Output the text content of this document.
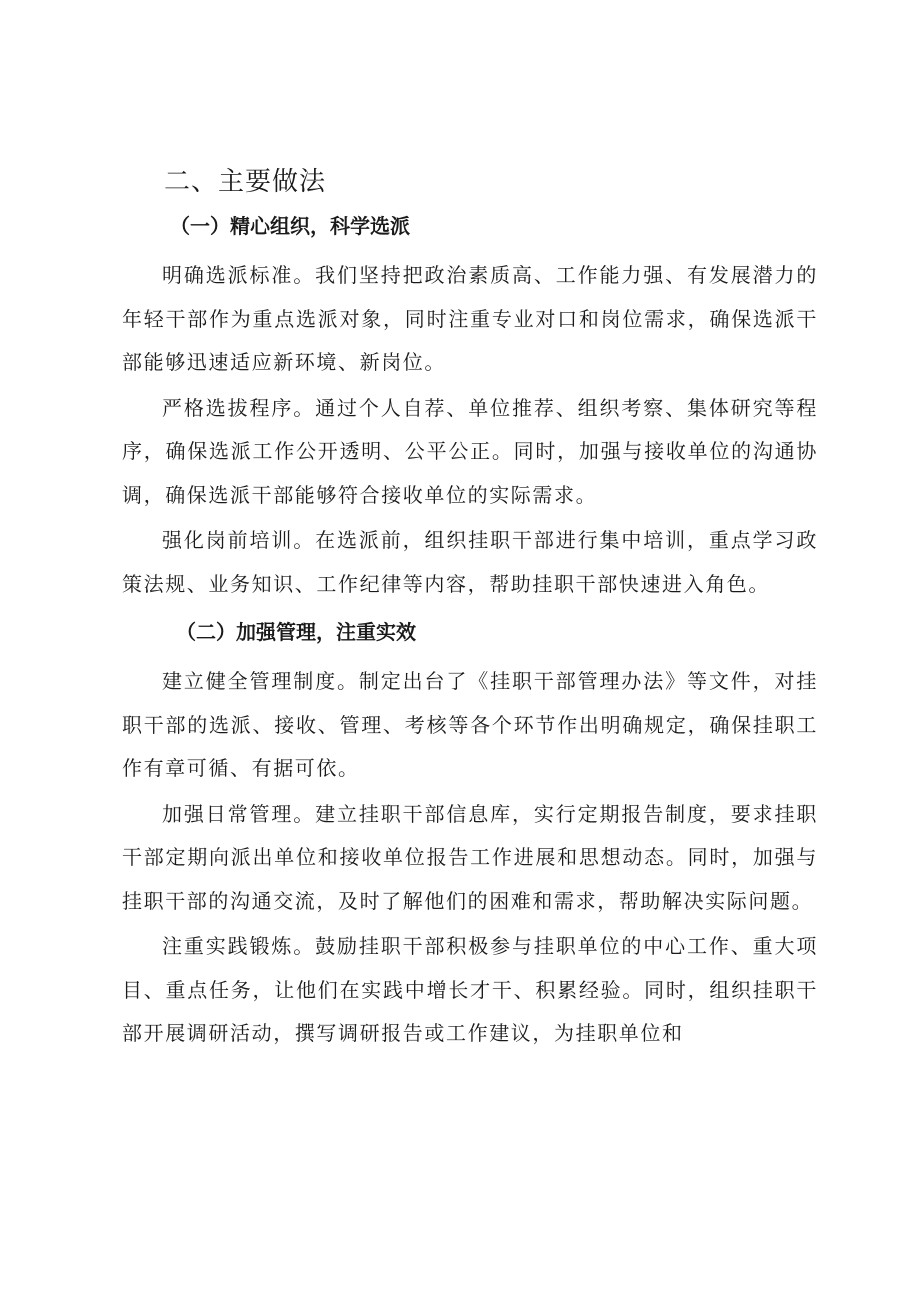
二、主要做法
（一）精心组织，科学选派

明确选派标准。我们坚持把政治素质高、工作能力强、有发展潜力的年轻干部作为重点选派对象，同时注重专业对口和岗位需求，确保选派干部能够迅速适应新环境、新岗位。

严格选拔程序。通过个人自荐、单位推荐、组织考察、集体研究等程序，确保选派工作公开透明、公平公正。同时，加强与接收单位的沟通协调，确保选派干部能够符合接收单位的实际需求。

强化岗前培训。在选派前，组织挂职干部进行集中培训，重点学习政策法规、业务知识、工作纪律等内容，帮助挂职干部快速进入角色。

（二）加强管理，注重实效

建立健全管理制度。制定出台了《挂职干部管理办法》等文件，对挂职干部的选派、接收、管理、考核等各个环节作出明确规定，确保挂职工作有章可循、有据可依。

加强日常管理。建立挂职干部信息库，实行定期报告制度，要求挂职干部定期向派出单位和接收单位报告工作进展和思想动态。同时，加强与挂职干部的沟通交流，及时了解他们的困难和需求，帮助解决实际问题。

注重实践锻炼。鼓励挂职干部积极参与挂职单位的中心工作、重大项目、重点任务，让他们在实践中增长才干、积累经验。同时，组织挂职干部开展调研活动，撰写调研报告或工作建议，为挂职单位和
